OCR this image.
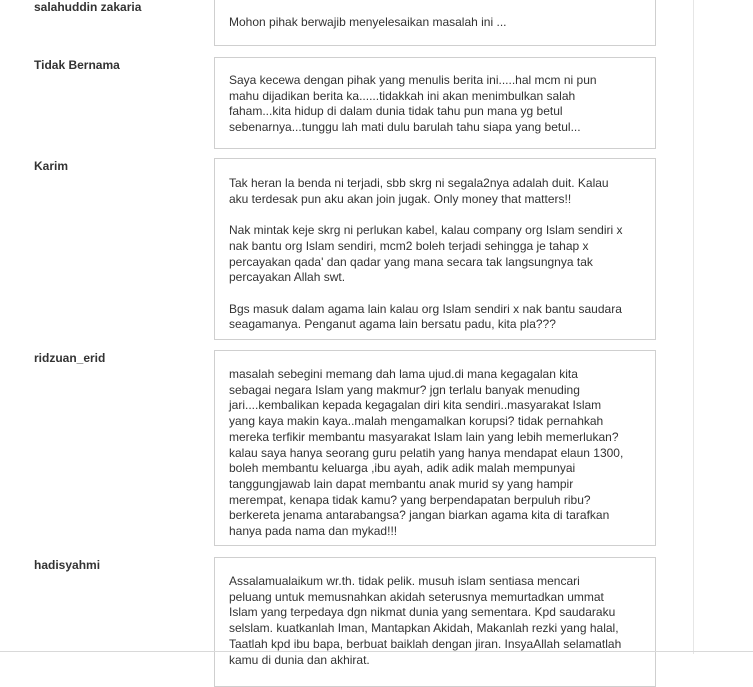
salahuddin zakaria
Mohon pihak berwajib menyelesaikan masalah ini ...
Tidak Bernama
Saya kecewa dengan pihak yang menulis berita ini.....hal mcm ni pun
mahu dijadikan berita ka......tidakkah ini akan menimbulkan salah
faham...kita hidup di dalam dunia tidak tahu pun mana yg betul
sebenarnya...tunggu lah mati dulu barulah tahu siapa yang betul...
Karim
Tak heran la benda ni terjadi, sbb skrg ni segala2nya adalah duit. Kalau
aku terdesak pun aku akan join jugak. Only money that matters!!
Nak mintak keje skrg ni perlukan kabel, kalau company org Islam sendiri x
nak bantu org Islam sendiri, mcm2 boleh terjadi sehingga je tahap x
percayakan qada' dan qadar yang mana secara tak langsungnya tak
percayakan Allah swt.
Bgs masuk dalam agama lain kalau org Islam sendiri x nak bantu saudara
seagamanya. Penganut agama lain bersatu padu, kita pla???
ridzuan_erid
masalah sebegini memang dah lama ujud.di mana kegagalan kita
sebagai negara Islam yang makmur? jgn terlalu banyak menuding
jari....kembalikan kepada kegagalan diri kita sendiri..masyarakat Islam
yang kaya makin kaya..malah mengamalkan korupsi? tidak pernahkah
mereka terfikir membantu masyarakat Islam lain yang lebih memerlukan?
kalau saya hanya seorang guru pelatih yang hanya mendapat elaun 1300,
boleh membantu keluarga ,ibu ayah, adik adik malah mempunyai
tanggungjawab lain dapat membantu anak murid sy yang hampir
merempat, kenapa tidak kamu? yang berpendapatan berpuluh ribu?
berkereta jenama antarabangsa? jangan biarkan agama kita di tarafkan
hanya pada nama dan mykad!!!
hadisyahmi
Assalamualaikum wr.th. tidak pelik. musuh islam sentiasa mencari
peluang untuk memusnahkan akidah seterusnya memurtadkan ummat
Islam yang terpedaya dgn nikmat dunia yang sementara. Kpd saudaraku
selslam. kuatkanlah Iman, Mantapkan Akidah, Makanlah rezki yang halal,
Taatlah kpd ibu bapa, berbuat baiklah dengan jiran. InsyaAllah selamatlah
kamu di dunia dan akhirat.
